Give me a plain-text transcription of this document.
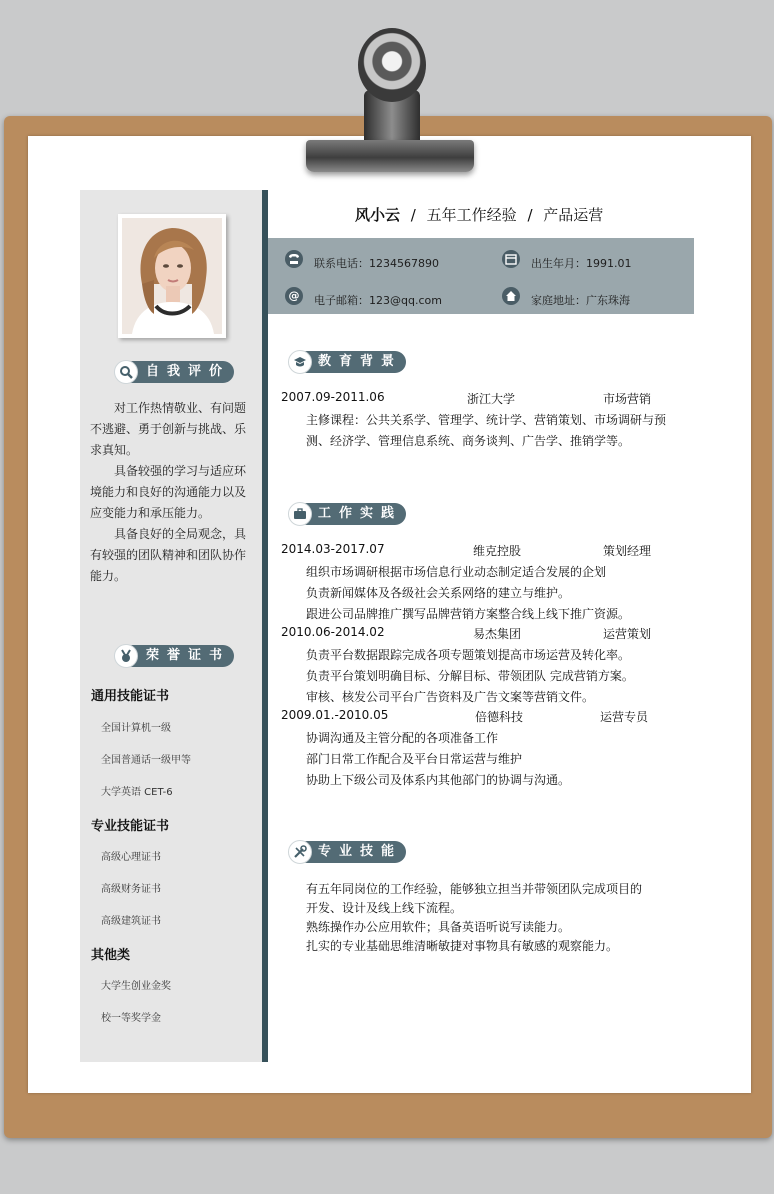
自我评价

对工作热情敬业、有问题不逃避、勇于创新与挑战、乐求真知。

具备较强的学习与适应环境能力和良好的沟通能力以及应变能力和承压能力。

具备良好的全局观念，具有较强的团队精神和团队协作能力。

荣誉证书
通用技能证书
全国计算机一级
全国普通话一级甲等
大学英语 CET-6
专业技能证书
高级心理证书
高级财务证书
高级建筑证书
其他类
大学生创业金奖
校一等奖学金
风小云 / 五年工作经验 / 产品运营
联系电话：1234567890	出生年月：1991.01
@ 电子邮箱：123@qq.com	家庭地址：广东珠海
教育背景
2007.09-2011.06	浙江大学	市场营销
主修课程：公共关系学、管理学、统计学、营销策划、市场调研与预
测、经济学、管理信息系统、商务谈判、广告学、推销学等。
工作实践
2014.03-2017.07	维克控股	策划经理
组织市场调研根据市场信息行业动态制定适合发展的企划
负责新闻媒体及各级社会关系网络的建立与维护。
跟进公司品牌推广撰写品牌营销方案整合线上线下推广资源。
2010.06-2014.02	易杰集团	运营策划
负责平台数据跟踪完成各项专题策划提高市场运营及转化率。
负责平台策划明确目标、分解目标、带领团队 完成营销方案。
审核、核发公司平台广告资料及广告文案等营销文件。
2009.01.-2010.05	倍德科技	运营专员
协调沟通及主管分配的各项准备工作
部门日常工作配合及平台日常运营与维护
协助上下级公司及体系内其他部门的协调与沟通。
专业技能
有五年同岗位的工作经验，能够独立担当并带领团队完成项目的
开发、设计及线上线下流程。
熟练操作办公应用软件；具备英语听说写读能力。
扎实的专业基础思维清晰敏捷对事物具有敏感的观察能力。
